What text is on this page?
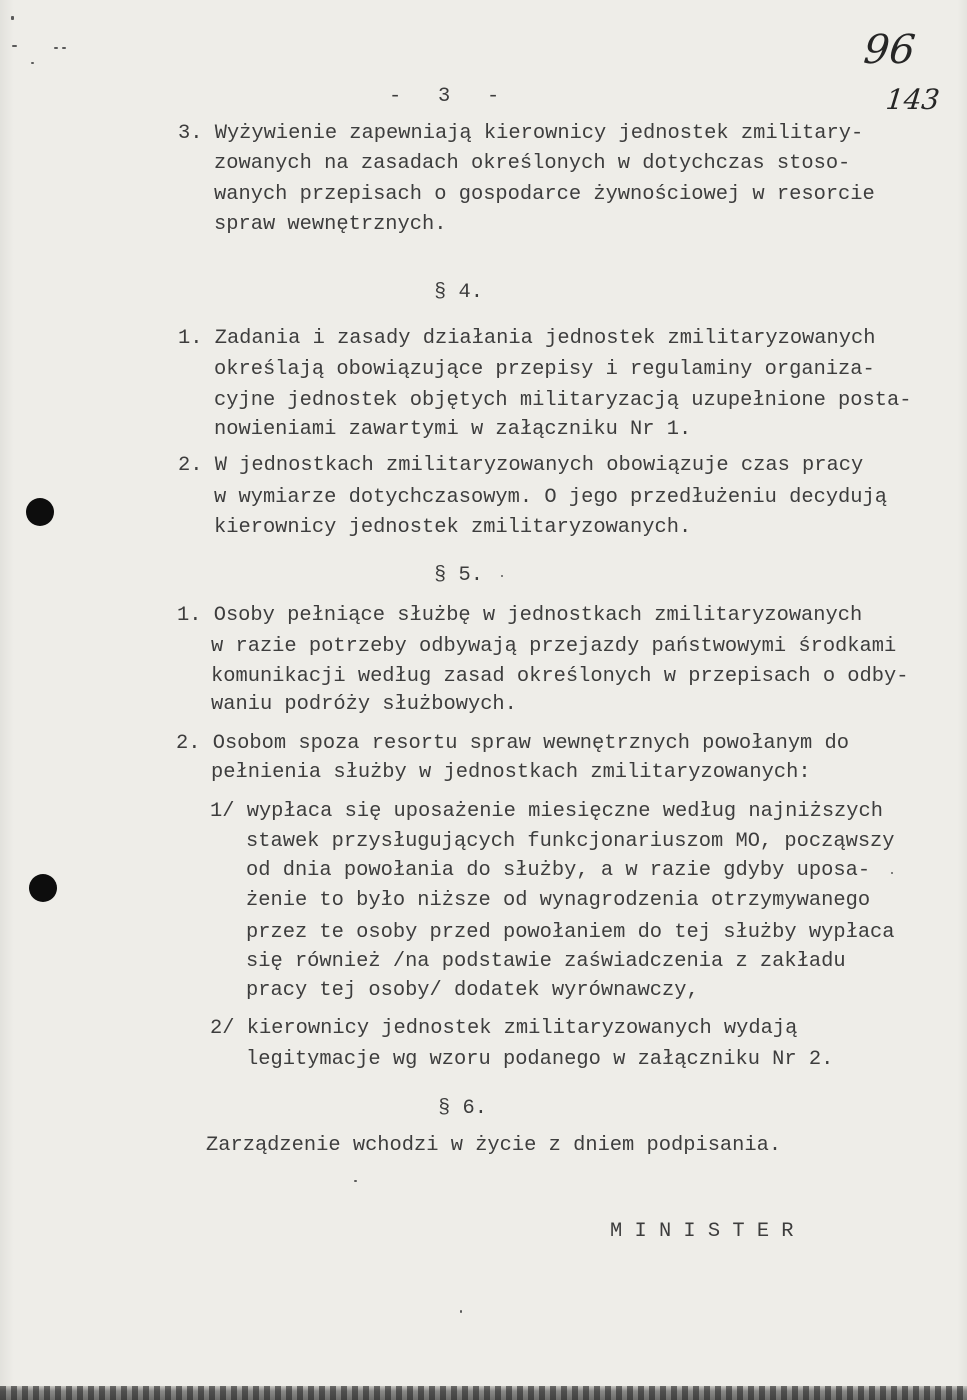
96
143
- 3 -
3. Wyżywienie zapewniają kierownicy jednostek zmilitary-
zowanych na zasadach określonych w dotychczas stoso-
wanych przepisach o gospodarce żywnościowej w resorcie
spraw wewnętrznych.
§ 4.
1. Zadania i zasady działania jednostek zmilitaryzowanych
określają obowiązujące przepisy i regulaminy organiza-
cyjne jednostek objętych militaryzacją uzupełnione posta-
nowieniami zawartymi w załączniku Nr 1.
2. W jednostkach zmilitaryzowanych obowiązuje czas pracy
w wymiarze dotychczasowym. O jego przedłużeniu decydują
kierownicy jednostek zmilitaryzowanych.
§ 5.
1. Osoby pełniące służbę w jednostkach zmilitaryzowanych
w razie potrzeby odbywają przejazdy państwowymi środkami
komunikacji według zasad określonych w przepisach o odby-
waniu podróży służbowych.
2. Osobom spoza resortu spraw wewnętrznych powołanym do
pełnienia służby w jednostkach zmilitaryzowanych:
1/ wypłaca się uposażenie miesięczne według najniższych
stawek przysługujących funkcjonariuszom MO, począwszy
od dnia powołania do służby, a w razie gdyby uposa-
żenie to było niższe od wynagrodzenia otrzymywanego
przez te osoby przed powołaniem do tej służby wypłaca
się również /na podstawie zaświadczenia z zakładu
pracy tej osoby/ dodatek wyrównawczy,
2/ kierownicy jednostek zmilitaryzowanych wydają
legitymacje wg wzoru podanego w załączniku Nr 2.
§ 6.
Zarządzenie wchodzi w życie z dniem podpisania.
M I N I S T E R
